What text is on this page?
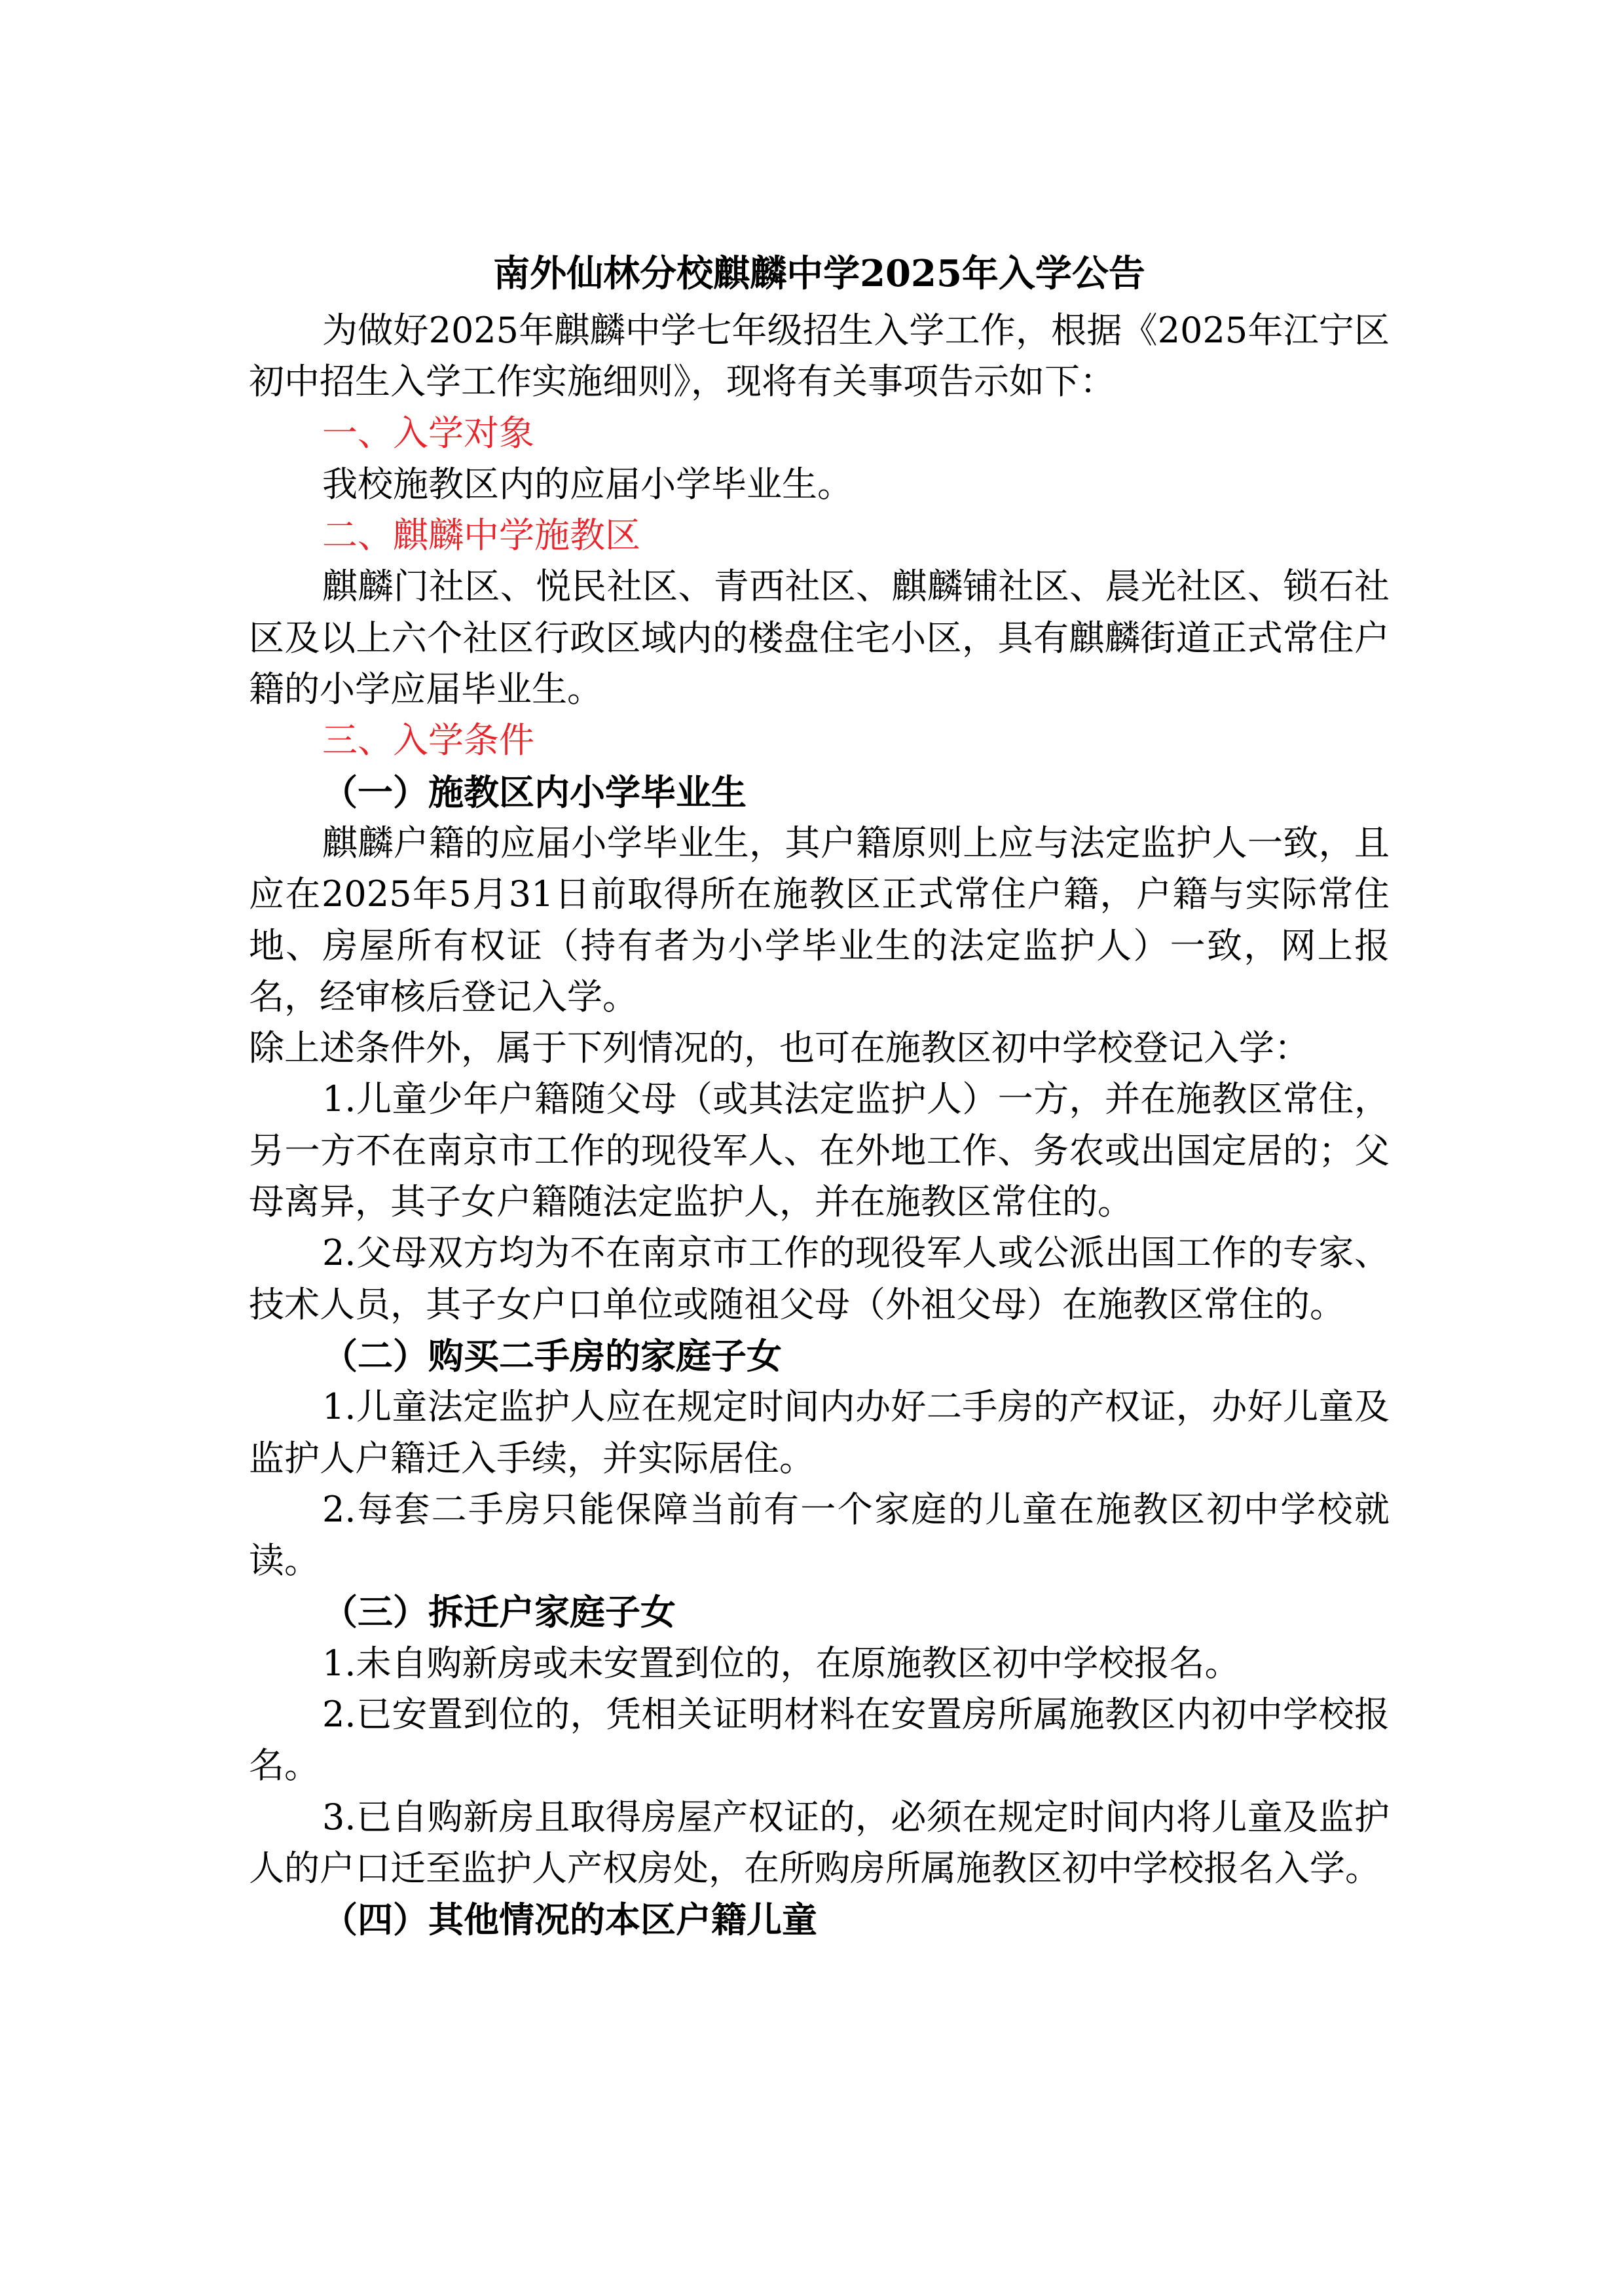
南外仙林分校麒麟中学2025年入学公告

为做好2025年麒麟中学七年级招生入学工作，根据《2025年江宁区初中招生入学工作实施细则》，现将有关事项告示如下：

一、入学对象

我校施教区内的应届小学毕业生。

二、麒麟中学施教区

麒麟门社区、悦民社区、青西社区、麒麟铺社区、晨光社区、锁石社区及以上六个社区行政区域内的楼盘住宅小区，具有麒麟街道正式常住户籍的小学应届毕业生。

三、入学条件

（一）施教区内小学毕业生

麒麟户籍的应届小学毕业生，其户籍原则上应与法定监护人一致，且应在2025年5月31日前取得所在施教区正式常住户籍，户籍与实际常住地、房屋所有权证（持有者为小学毕业生的法定监护人）一致，网上报名，经审核后登记入学。

除上述条件外，属于下列情况的，也可在施教区初中学校登记入学：

1.儿童少年户籍随父母（或其法定监护人）一方，并在施教区常住，另一方不在南京市工作的现役军人、在外地工作、务农或出国定居的；父母离异，其子女户籍随法定监护人，并在施教区常住的。

2.父母双方均为不在南京市工作的现役军人或公派出国工作的专家、技术人员，其子女户口单位或随祖父母（外祖父母）在施教区常住的。

（二）购买二手房的家庭子女

1.儿童法定监护人应在规定时间内办好二手房的产权证，办好儿童及监护人户籍迁入手续，并实际居住。

2.每套二手房只能保障当前有一个家庭的儿童在施教区初中学校就读。

（三）拆迁户家庭子女

1.未自购新房或未安置到位的，在原施教区初中学校报名。

2.已安置到位的，凭相关证明材料在安置房所属施教区内初中学校报名。

3.已自购新房且取得房屋产权证的，必须在规定时间内将儿童及监护人的户口迁至监护人产权房处，在所购房所属施教区初中学校报名入学。

（四）其他情况的本区户籍儿童
